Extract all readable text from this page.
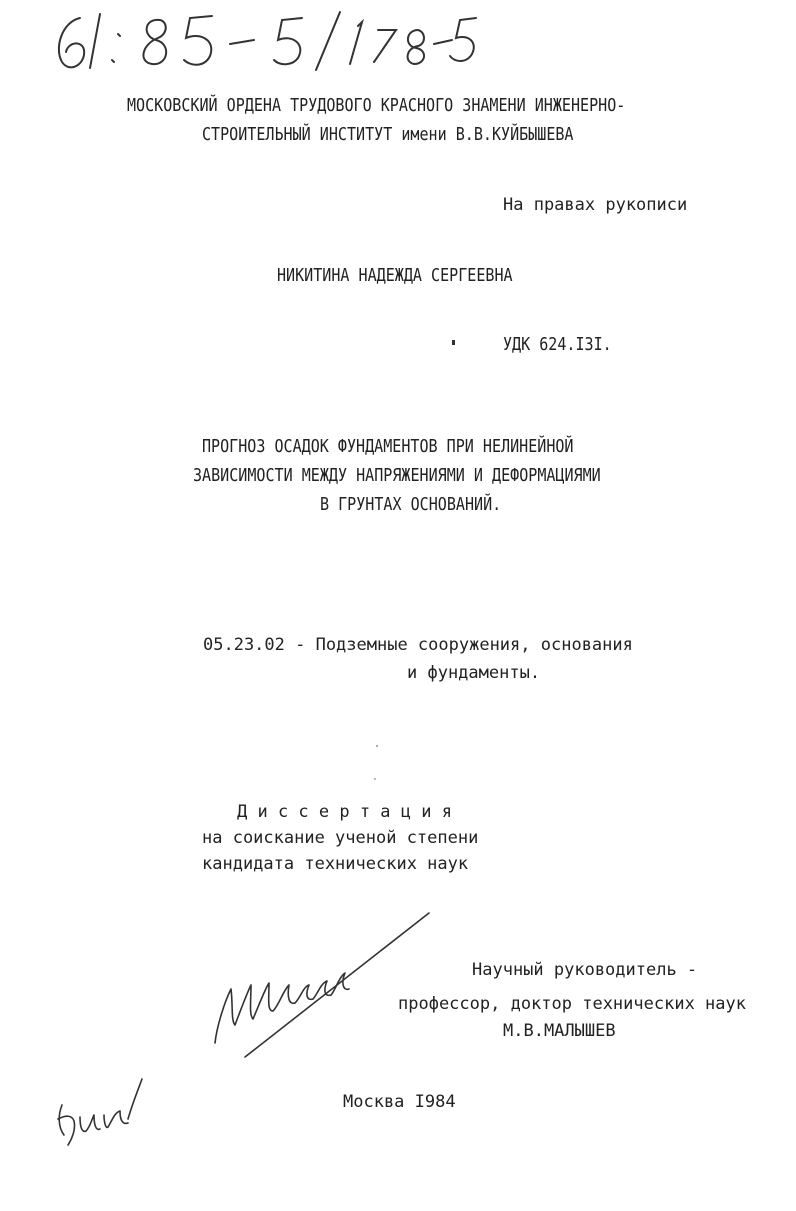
МОСКОВСКИЙ ОРДЕНА ТРУДОВОГО КРАСНОГО ЗНАМЕНИ ИНЖЕНЕРНО-
СТРОИТЕЛЬНЫЙ ИНСТИТУТ имени В.В.КУЙБЫШЕВА
На правах рукописи
НИКИТИНА НАДЕЖДА СЕРГЕЕВНА
УДК 624.I3I.
ПРОГНОЗ ОСАДОК ФУНДАМЕНТОВ ПРИ НЕЛИНЕЙНОЙ
ЗАВИСИМОСТИ МЕЖДУ НАПРЯЖЕНИЯМИ И ДЕФОРМАЦИЯМИ
В ГРУНТАХ ОСНОВАНИЙ.
05.23.02 - Подземные сооружения, основания
и фундаменты.
Д и с с е р т а ц и я
на соискание ученой степени
кандидата технических наук
Научный руководитель -
профессор, доктор технических наук
М.В.МАЛЫШЕВ
Москва I984
